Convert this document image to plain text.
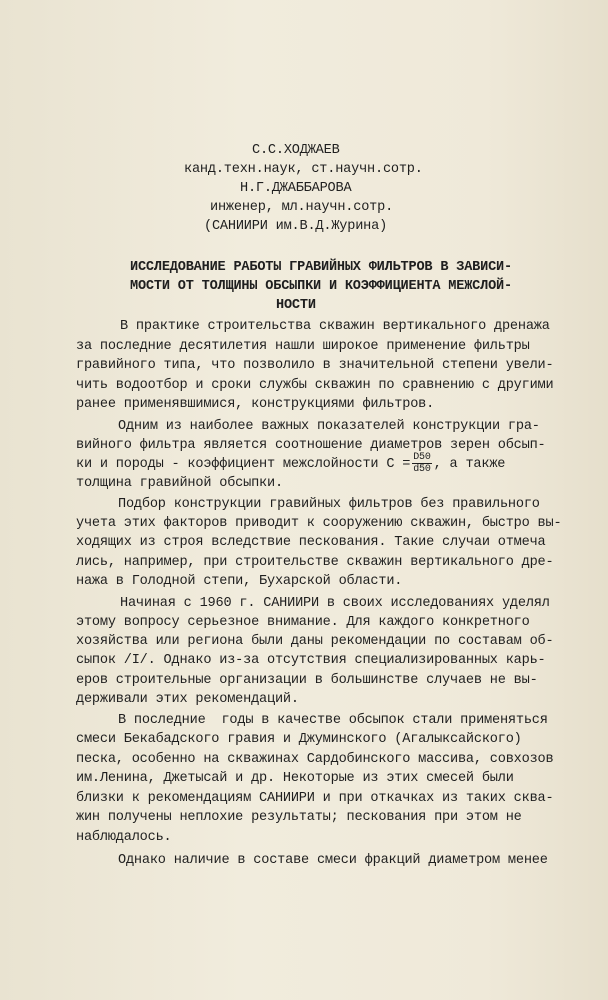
С.С.ХОДЖАЕВ
канд.техн.наук, ст.научн.сотр.
Н.Г.ДЖАББАРОВА
инженер, мл.научн.сотр.
(САНИИРИ им.В.Д.Журина)
ИССЛЕДОВАНИЕ РАБОТЫ ГРАВИЙНЫХ ФИЛЬТРОВ В ЗАВИСИ-
МОСТИ ОТ ТОЛЩИНЫ ОБСЫПКИ И КОЭФФИЦИЕНТА МЕЖСЛОЙ-
НОСТИ
В практике строительства скважин вертикального дренажа
за последние десятилетия нашли широкое применение фильтры
гравийного типа, что позволило в значительной степени увели-
чить водоотбор и сроки службы скважин по сравнению с другими
ранее применявшимися, конструкциями фильтров.
Одним из наиболее важных показателей конструкции гра-
вийного фильтра является соотношение диаметров зерен обсып-
ки и породы - коэффициент межслойности $С = \frac{D50}{d50}$ , а также
толщина гравийной обсыпки.
Подбор конструкции гравийных фильтров без правильного
учета этих факторов приводит к сооружению скважин, быстро вы-
ходящих из строя вследствие пескования. Такие случаи отмеча
лись, например, при строительстве скважин вертикального дре-
нажа в Голодной степи, Бухарской области.
Начиная с 1960 г. САНИИРИ в своих исследованиях уделял
этому вопросу серьезное внимание. Для каждого конкретного
хозяйства или региона были даны рекомендации по составам об-
сыпок /I/. Однако из-за отсутствия специализированных карь-
еров строительные организации в большинстве случаев не вы-
держивали этих рекомендаций.
В последние  годы в качестве обсыпок стали применяться
смеси Бекабадского гравия и Джуминского (Агалыксайского)
песка, особенно на скважинах Сардобинского массива, совхозов
им.Ленина, Джетысай и др. Некоторые из этих смесей были
близки к рекомендациям САНИИРИ и при откачках из таких сква-
жин получены неплохие результаты; пескования при этом не
наблюдалось.
Однако наличие в составе смеси фракций диаметром менее
